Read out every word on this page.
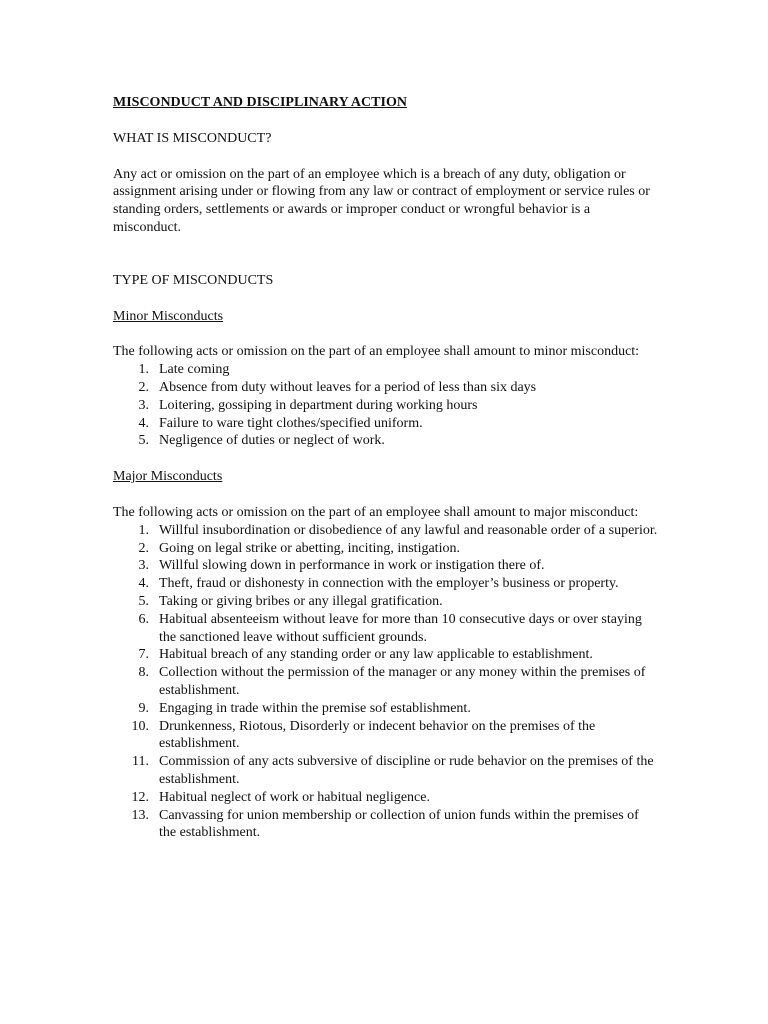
MISCONDUCT AND DISCIPLINARY ACTION

WHAT IS MISCONDUCT?

Any act or omission on the part of an employee which is a breach of any duty, obligation or assignment arising under or flowing from any law or contract of employment or service rules or standing orders, settlements or awards or improper conduct or wrongful behavior is a misconduct.

TYPE OF MISCONDUCTS

Minor Misconducts

The following acts or omission on the part of an employee shall amount to minor misconduct:

1. Late coming
2. Absence from duty without leaves for a period of less than six days
3. Loitering, gossiping in department during working hours
4. Failure to ware tight clothes/specified uniform.
5. Negligence of duties or neglect of work.

Major Misconducts

The following acts or omission on the part of an employee shall amount to major misconduct:

1. Willful insubordination or disobedience of any lawful and reasonable order of a superior.
2. Going on legal strike or abetting, inciting, instigation.
3. Willful slowing down in performance in work or instigation there of.
4. Theft, fraud or dishonesty in connection with the employer’s business or property.
5. Taking or giving bribes or any illegal gratification.
6. Habitual absenteeism without leave for more than 10 consecutive days or over staying the sanctioned leave without sufficient grounds.
7. Habitual breach of any standing order or any law applicable to establishment.
8. Collection without the permission of the manager or any money within the premises of establishment.
9. Engaging in trade within the premise sof establishment.
10. Drunkenness, Riotous, Disorderly or indecent behavior on the premises of the establishment.
11. Commission of any acts subversive of discipline or rude behavior on the premises of the establishment.
12. Habitual neglect of work or habitual negligence.
13. Canvassing for union membership or collection of union funds within the premises of the establishment.
